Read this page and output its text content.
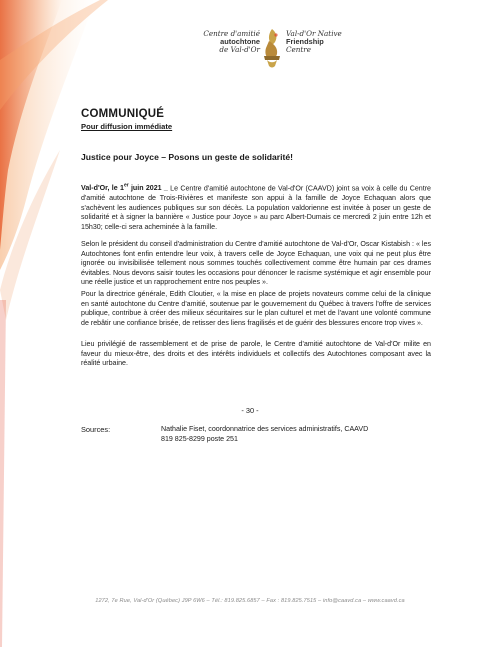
Centre d'amitié
autochtone
de Val-d'Or
Val-d'Or Native
Friendship
Centre
COMMUNIQUÉ
Pour diffusion immédiate
Justice pour Joyce – Posons un geste de solidarité!
Val-d'Or, le 1er juin 2021 _ Le Centre d'amitié autochtone de Val-d'Or (CAAVD) joint sa voix à celle du Centre d'amitié autochtone de Trois-Rivières et manifeste son appui à la famille de Joyce Echaquan alors que s'achèvent les audiences publiques sur son décès. La population valdorienne est invitée à poser un geste de solidarité et à signer la bannière « Justice pour Joyce » au parc Albert-Dumais ce mercredi 2 juin entre 12h et 15h30; celle-ci sera acheminée à la famille.
Selon le président du conseil d'administration du Centre d'amitié autochtone de Val-d'Or, Oscar Kistabish : « les Autochtones font enfin entendre leur voix, à travers celle de Joyce Echaquan, une voix qui ne peut plus être ignorée ou invisibilisée tellement nous sommes touchés collectivement comme être humain par ces drames évitables. Nous devons saisir toutes les occasions pour dénoncer le racisme systémique et agir ensemble pour une réelle justice et un rapprochement entre nos peuples ».
Pour la directrice générale, Edith Cloutier, « la mise en place de projets novateurs comme celui de la clinique en santé autochtone du Centre d'amitié, soutenue par le gouvernement du Québec à travers l'offre de services publique, contribue à créer des milieux sécuritaires sur le plan culturel et met de l'avant une volonté commune de rebâtir une confiance brisée, de retisser des liens fragilisés et de guérir des blessures encore trop vives ».
Lieu privilégié de rassemblement et de prise de parole, le Centre d'amitié autochtone de Val-d'Or milite en faveur du mieux-être, des droits et des intérêts individuels et collectifs des Autochtones composant avec la réalité urbaine.
- 30 -
Sources:	Nathalie Fiset, coordonnatrice des services administratifs, CAAVD
819 825-8299 poste 251
1272, 7e Rue, Val-d'Or (Québec) J9P 6W6 – Tél.: 819.825.6857 – Fax : 819.825.7515 – info@caavd.ca – www.caavd.ca
